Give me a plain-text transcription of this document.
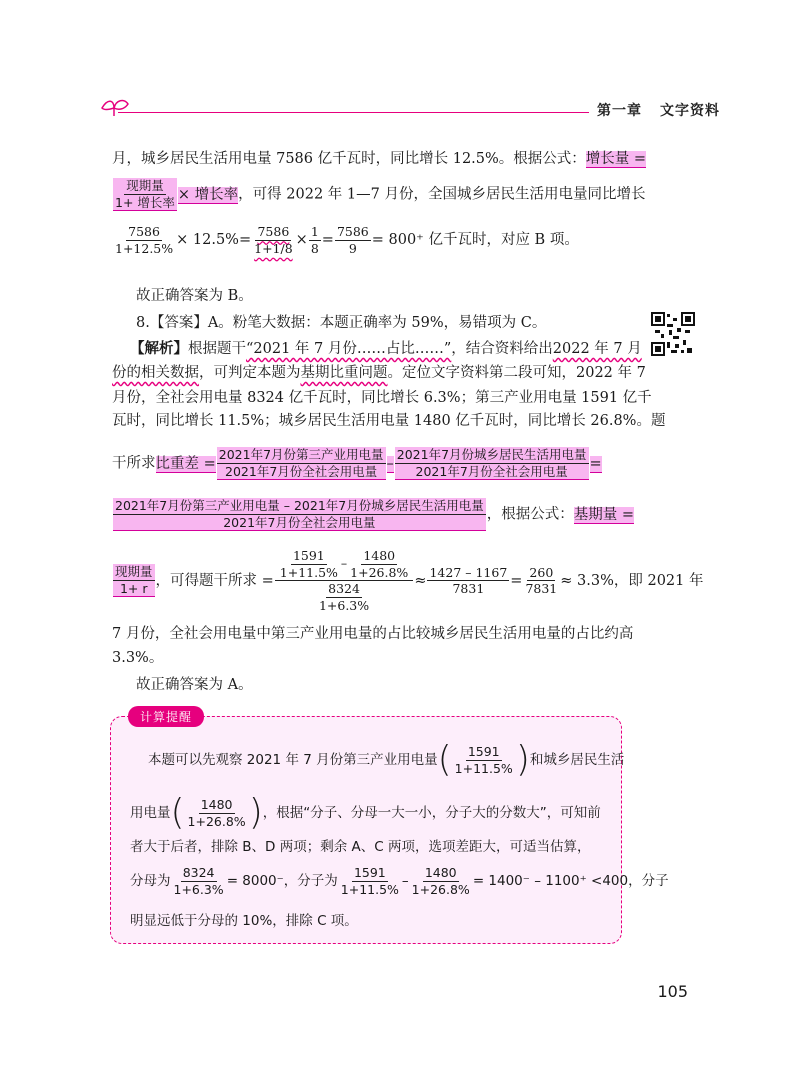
第一章 文字资料
月，城乡居民生活用电量 7586 亿千瓦时，同比增长 12.5%。根据公式：增长量 =
$\frac{\text{现期量}}{\text{1+ 增长率}}$ × 增长率，可得 2022 年 1—7 月份，全国城乡居民生活用电量同比增长
$\frac{7586}{1+12.5\%} \times 12.5\%= \frac{7586}{1+1/8} \times \frac{1}{8} = \frac{7586}{9} = 800^+$ 亿千瓦时，对应 B 项。
故正确答案为 B。
8.【答案】A。粉笔大数据：本题正确率为 59%，易错项为 C。
【解析】根据题干“2021 年 7 月份……占比……”，结合资料给出2022 年 7 月
份的相关数据，可判定本题为基期比重问题。定位文字资料第二段可知，2022 年 7
月份，全社会用电量 8324 亿千瓦时，同比增长 6.3%；第三产业用电量 1591 亿千
瓦时，同比增长 11.5%；城乡居民生活用电量 1480 亿千瓦时，同比增长 26.8%。题
干所求比重差 = $\frac{\text{2021年7月份第三产业用电量}}{\text{2021年7月份全社会用电量}} - \frac{\text{2021年7月份城乡居民生活用电量}}{\text{2021年7月份全社会用电量}}$ =
$\frac{\text{2021年7月份第三产业用电量 – 2021年7月份城乡居民生活用电量}}{\text{2021年7月份全社会用电量}}$ ，根据公式：基期量 =
$\frac{\text{现期量}}{1+ r}$ ，可得题干所求 = $\frac{\frac{1591}{1+11.5\%} - \frac{1480}{1+26.8\%}}{\frac{8324}{1+6.3\%}} \approx \frac{1427 - 1167}{7831} = \frac{260}{7831} \approx 3.3\%$，即 2021 年
7 月份，全社会用电量中第三产业用电量的占比较城乡居民生活用电量的占比约高
3.3%。
故正确答案为 A。
计算提醒
本题可以先观察 2021 年 7 月份第三产业用电量( $\frac{1591}{1+11.5\%}$ )和城乡居民生活
用电量( $\frac{1480}{1+26.8\%}$ )，根据“分子、分母一大一小，分子大的分数大”，可知前
者大于后者，排除 B、D 两项；剩余 A、C 两项，选项差距大，可适当估算，
分母为 $\frac{8324}{1+6.3\%} = 8000^-$，分子为 $\frac{1591}{1+11.5\%} - \frac{1480}{1+26.8\%} = 1400^- - 1100^+ <400$，分子
明显远低于分母的 10%，排除 C 项。
105
